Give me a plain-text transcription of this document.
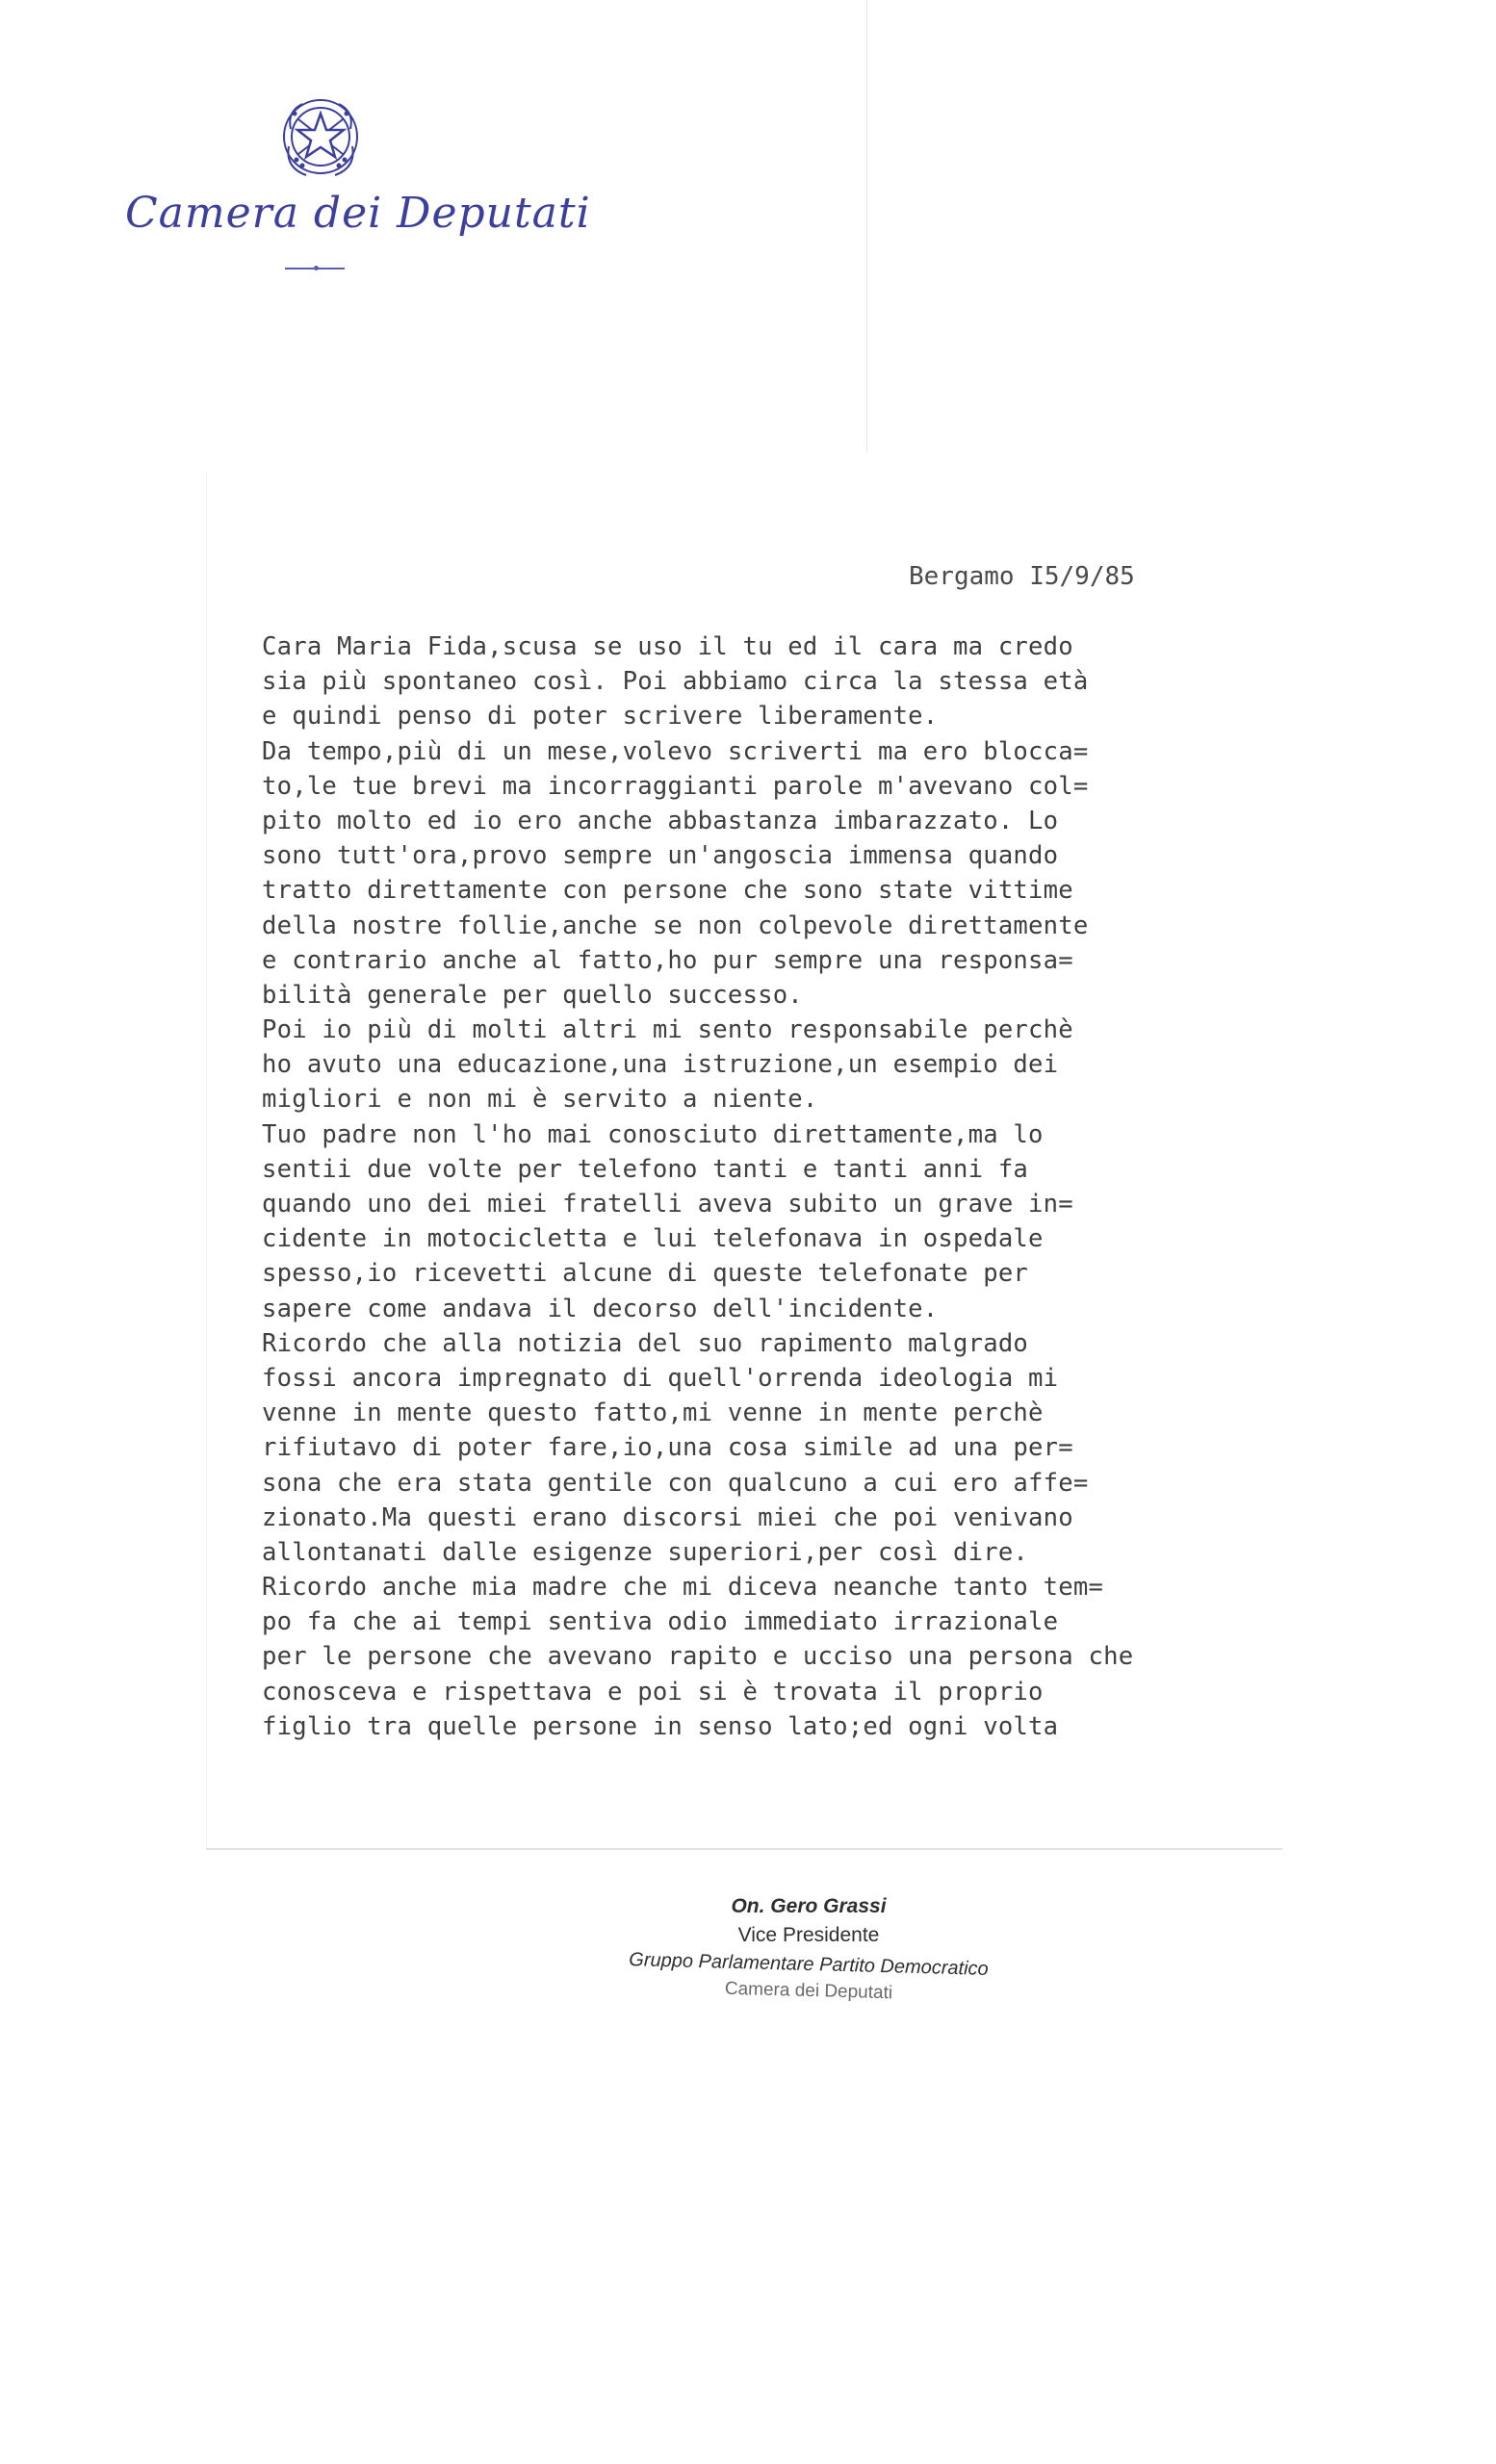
Camera dei Deputati
Bergamo I5/9/85
Cara Maria Fida,scusa se uso il tu ed il cara ma credo
sia più spontaneo così. Poi abbiamo circa la stessa età
e quindi penso di poter scrivere liberamente.
Da tempo,più di un mese,volevo scriverti ma ero blocca=
to,le tue brevi ma incorraggianti parole m'avevano col=
pito molto ed io ero anche abbastanza imbarazzato. Lo
sono tutt'ora,provo sempre un'angoscia immensa quando
tratto direttamente con persone che sono state vittime
della nostre follie,anche se non colpevole direttamente
e contrario anche al fatto,ho pur sempre una responsa=
bilità generale per quello successo.
Poi io più di molti altri mi sento responsabile perchè
ho avuto una educazione,una istruzione,un esempio dei
migliori e non mi è servito a niente.
Tuo padre non l'ho mai conosciuto direttamente,ma lo
sentii due volte per telefono tanti e tanti anni fa
quando uno dei miei fratelli aveva subito un grave in=
cidente in motocicletta e lui telefonava in ospedale
spesso,io ricevetti alcune di queste telefonate per
sapere come andava il decorso dell'incidente.
Ricordo che alla notizia del suo rapimento malgrado
fossi ancora impregnato di quell'orrenda ideologia mi
venne in mente questo fatto,mi venne in mente perchè
rifiutavo di poter fare,io,una cosa simile ad una per=
sona che era stata gentile con qualcuno a cui ero affe=
zionato.Ma questi erano discorsi miei che poi venivano
allontanati dalle esigenze superiori,per così dire.
Ricordo anche mia madre che mi diceva neanche tanto tem=
po fa che ai tempi sentiva odio immediato irrazionale
per le persone che avevano rapito e ucciso una persona che
conosceva e rispettava e poi si è trovata il proprio
figlio tra quelle persone in senso lato;ed ogni volta
On. Gero Grassi
Vice Presidente
Gruppo Parlamentare Partito Democratico
Camera dei Deputati
